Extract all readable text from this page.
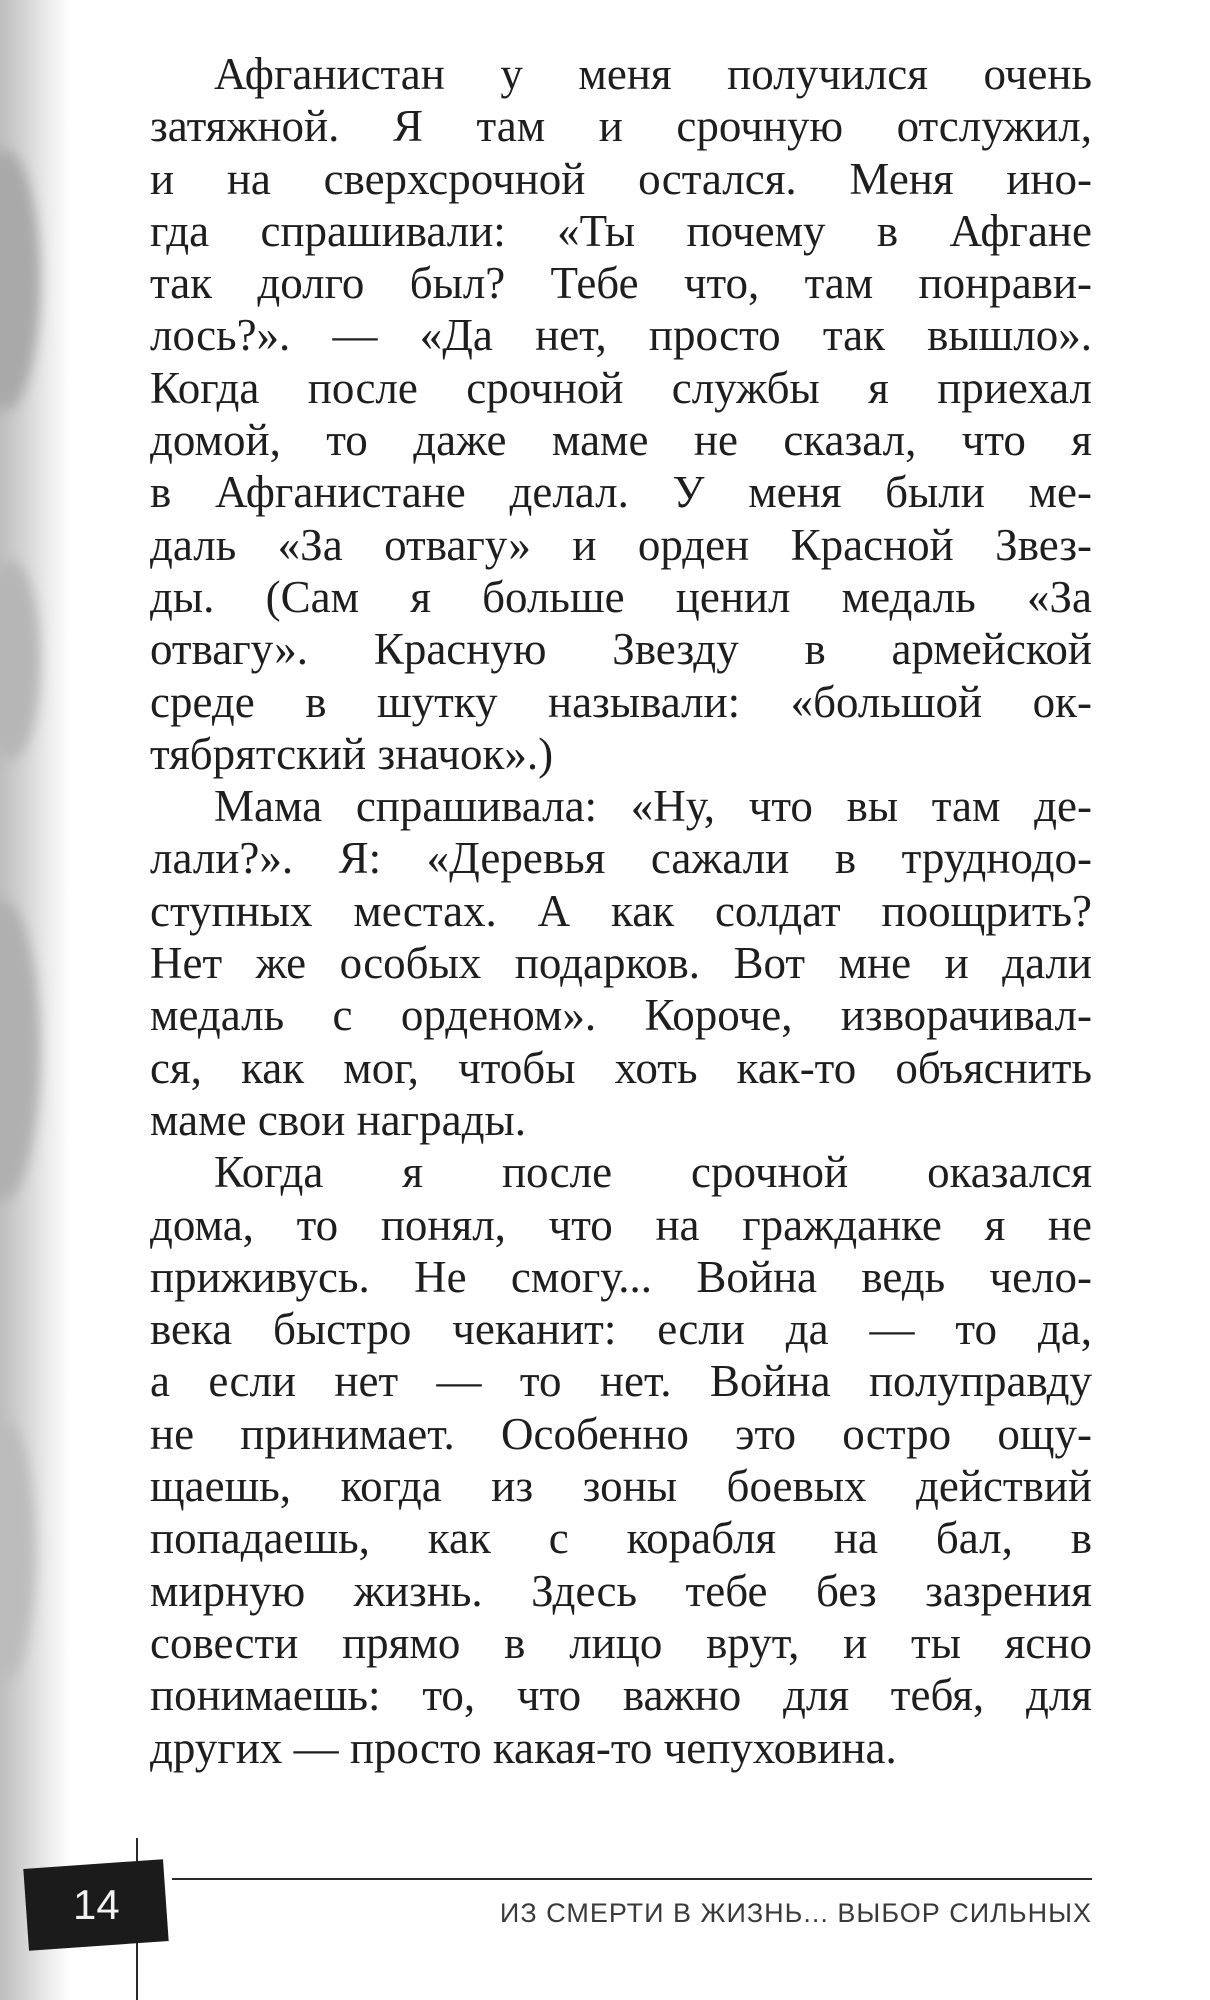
Афганистан у меня получился очень
затяжной. Я там и срочную отслужил,
и на сверхсрочной остался. Меня ино-
гда спрашивали: «Ты почему в Афгане
так долго был? Тебе что, там понрави-
лось?». — «Да нет, просто так вышло».
Когда после срочной службы я приехал
домой, то даже маме не сказал, что я
в Афганистане делал. У меня были ме-
даль «За отвагу» и орден Красной Звез-
ды. (Сам я больше ценил медаль «За
отвагу». Красную Звезду в армейской
среде в шутку называли: «большой ок-
тябрятский значок».)

Мама спрашивала: «Ну, что вы там де-
лали?». Я: «Деревья сажали в труднодо-
ступных местах. А как солдат поощрить?
Нет же особых подарков. Вот мне и дали
медаль с орденом». Короче, изворачивал-
ся, как мог, чтобы хоть как-то объяснить
маме свои награды.

Когда я после срочной оказался
дома, то понял, что на гражданке я не
приживусь. Не смогу... Война ведь чело-
века быстро чеканит: если да — то да,
а если нет — то нет. Война полуправду
не принимает. Особенно это остро ощу-
щаешь, когда из зоны боевых действий
попадаешь, как с корабля на бал, в
мирную жизнь. Здесь тебе без зазрения
совести прямо в лицо врут, и ты ясно
понимаешь: то, что важно для тебя, для
других — просто какая-то чепуховина.

14	ИЗ СМЕРТИ В ЖИЗНЬ... ВЫБОР СИЛЬНЫХ
